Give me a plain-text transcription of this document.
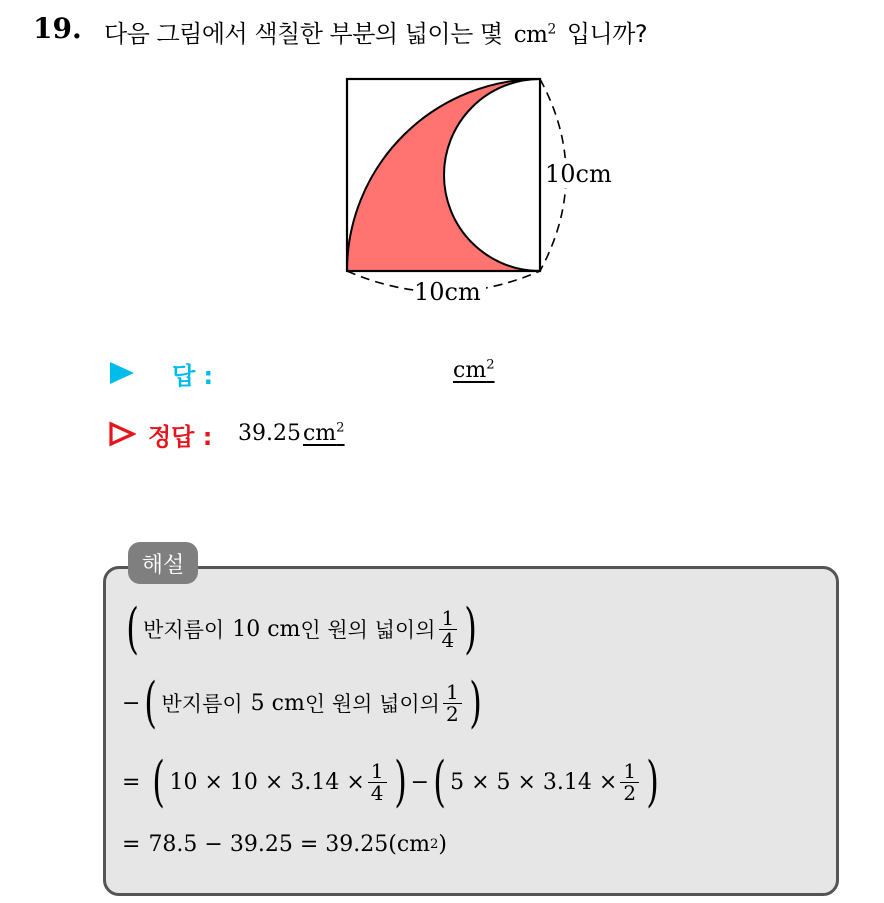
19. 다음 그림에서 색칠한 부분의 넓이는 몇 $cm^2$ 입니까?
10cm
10cm
답 :	$cm^2$
정답 : $39.25cm^2$
해설
( 반지름이 10
cm 인 원의 넓이의 $\frac{1}{4}$ )
− ( 반지름이 5
cm 인 원의 넓이의 $\frac{1}{2}$ )
= ( $10 \times 10 \times 3.14 \times \frac{1}{4}$ ) − ( $5 \times 5 \times 3.14 \times \frac{1}{2}$ )
= 78.5 − 39.25 = 39.25( cm 2 )
